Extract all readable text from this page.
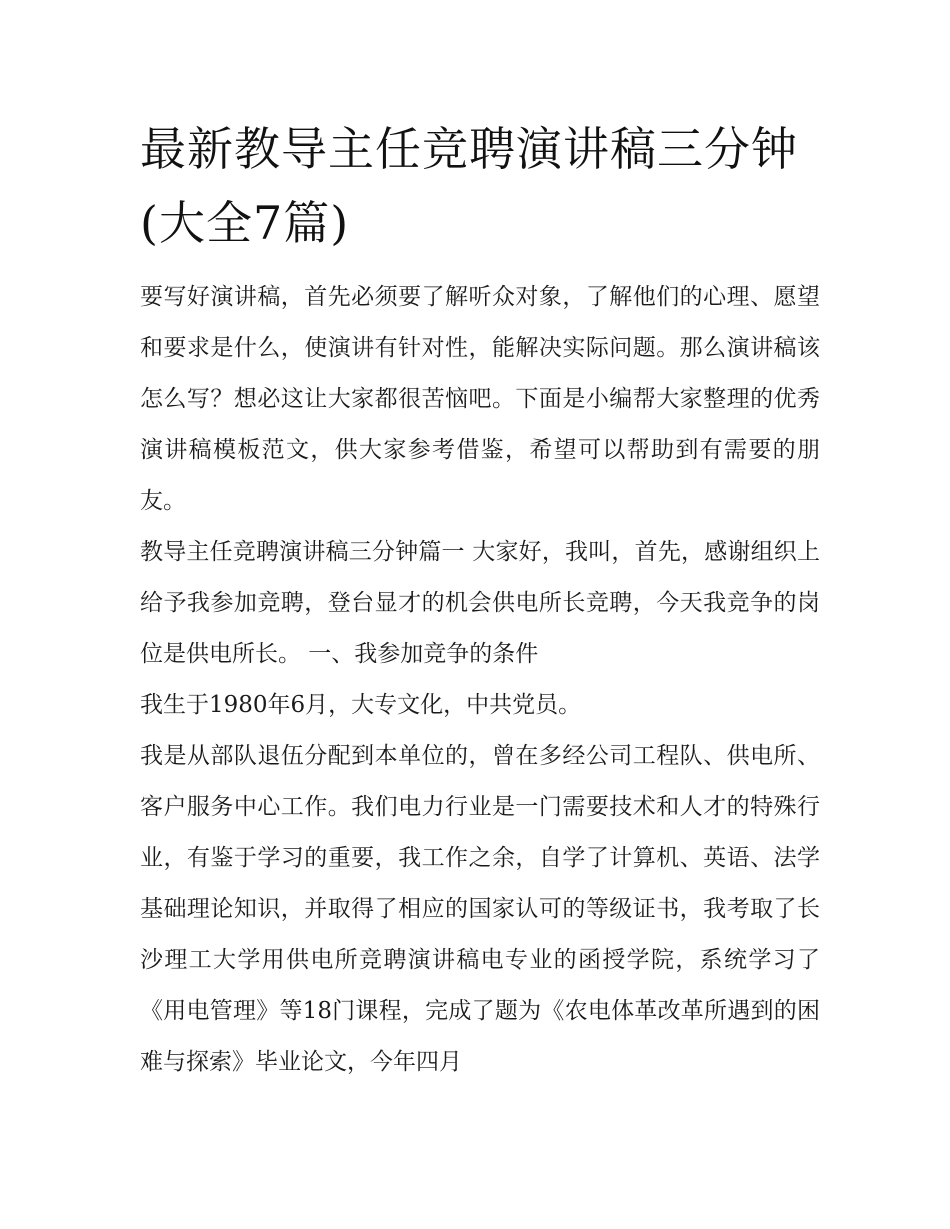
最新教导主任竞聘演讲稿三分钟(大全7篇)

要写好演讲稿，首先必须要了解听众对象，了解他们的心理、愿望和要求是什么，使演讲有针对性，能解决实际问题。那么演讲稿该怎么写？想必这让大家都很苦恼吧。下面是小编帮大家整理的优秀演讲稿模板范文，供大家参考借鉴，希望可以帮助到有需要的朋友。

教导主任竞聘演讲稿三分钟篇一 大家好，我叫，首先，感谢组织上给予我参加竞聘，登台显才的机会供电所长竞聘，今天我竞争的岗位是供电所长。 一、我参加竞争的条件

我生于1980年6月，大专文化，中共党员。

我是从部队退伍分配到本单位的，曾在多经公司工程队、供电所、客户服务中心工作。我们电力行业是一门需要技术和人才的特殊行业，有鉴于学习的重要，我工作之余，自学了计算机、英语、法学基础理论知识，并取得了相应的国家认可的等级证书，我考取了长沙理工大学用供电所竞聘演讲稿电专业的函授学院，系统学习了《用电管理》等18门课程，完成了题为《农电体革改革所遇到的困难与探索》毕业论文，今年四月
